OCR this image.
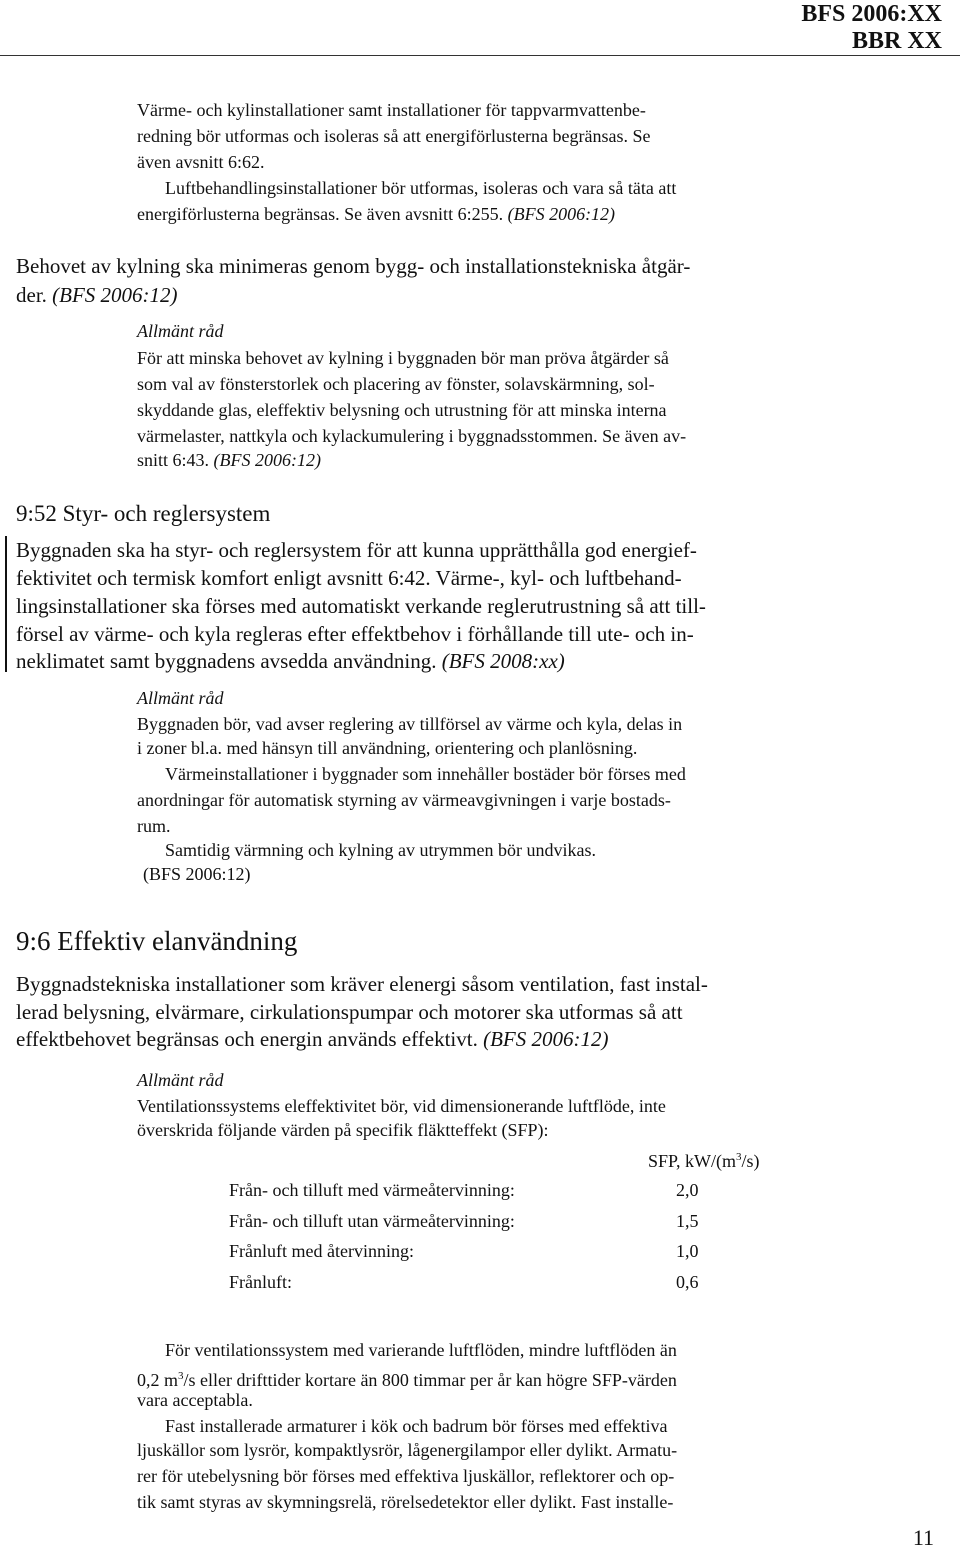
BFS 2006:XX
BBR XX
Värme- och kylinstallationer samt installationer för tappvarmvattenbe-
redning bör utformas och isoleras så att energiförlusterna begränsas. Se
även avsnitt 6:62.
Luftbehandlingsinstallationer bör utformas, isoleras och vara så täta att
energiförlusterna begränsas. Se även avsnitt 6:255. (BFS 2006:12)
Behovet av kylning ska minimeras genom bygg- och installationstekniska åtgär-
der. (BFS 2006:12)
Allmänt råd
För att minska behovet av kylning i byggnaden bör man pröva åtgärder så
som val av fönsterstorlek och placering av fönster, solavskärmning, sol-
skyddande glas, eleffektiv belysning och utrustning för att minska interna
värmelaster, nattkyla och kylackumulering i byggnadsstommen. Se även av-
snitt 6:43. (BFS 2006:12)
9:52 Styr- och reglersystem
Byggnaden ska ha styr- och reglersystem för att kunna upprätthålla god energief-
fektivitet och termisk komfort enligt avsnitt 6:42. Värme-, kyl- och luftbehand-
lingsinstallationer ska förses med automatiskt verkande reglerutrustning så att till-
försel av värme- och kyla regleras efter effektbehov i förhållande till ute- och in-
neklimatet samt byggnadens avsedda användning. (BFS 2008:xx)
Allmänt råd
Byggnaden bör, vad avser reglering av tillförsel av värme och kyla, delas in
i zoner bl.a. med hänsyn till användning, orientering och planlösning.
Värmeinstallationer i byggnader som innehåller bostäder bör förses med
anordningar för automatisk styrning av värmeavgivningen i varje bostads-
rum.
Samtidig värmning och kylning av utrymmen bör undvikas.
(BFS 2006:12)
9:6 Effektiv elanvändning
Byggnadstekniska installationer som kräver elenergi såsom ventilation, fast instal-
lerad belysning, elvärmare, cirkulationspumpar och motorer ska utformas så att
effektbehovet begränsas och energin används effektivt. (BFS 2006:12)
Allmänt råd
Ventilationssystems eleffektivitet bör, vid dimensionerande luftflöde, inte
överskrida följande värden på specifik fläktteffekt (SFP):
SFP, $kW/(m^3/s)$
Från- och tilluft med värmeåtervinning:	2,0
Från- och tilluft utan värmeåtervinning:	1,5
Frånluft med återvinning:	1,0
Frånluft:	0,6
För ventilationssystem med varierande luftflöden, mindre luftflöden än
0,2 $m^3/s$ eller drifttider kortare än 800 timmar per år kan högre SFP-värden
vara acceptabla.
Fast installerade armaturer i kök och badrum bör förses med effektiva
ljuskällor som lysrör, kompaktlysrör, lågenergilampor eller dylikt. Armatu-
rer för utebelysning bör förses med effektiva ljuskällor, reflektorer och op-
tik samt styras av skymningsrelä, rörelsedetektor eller dylikt. Fast installe-
11
